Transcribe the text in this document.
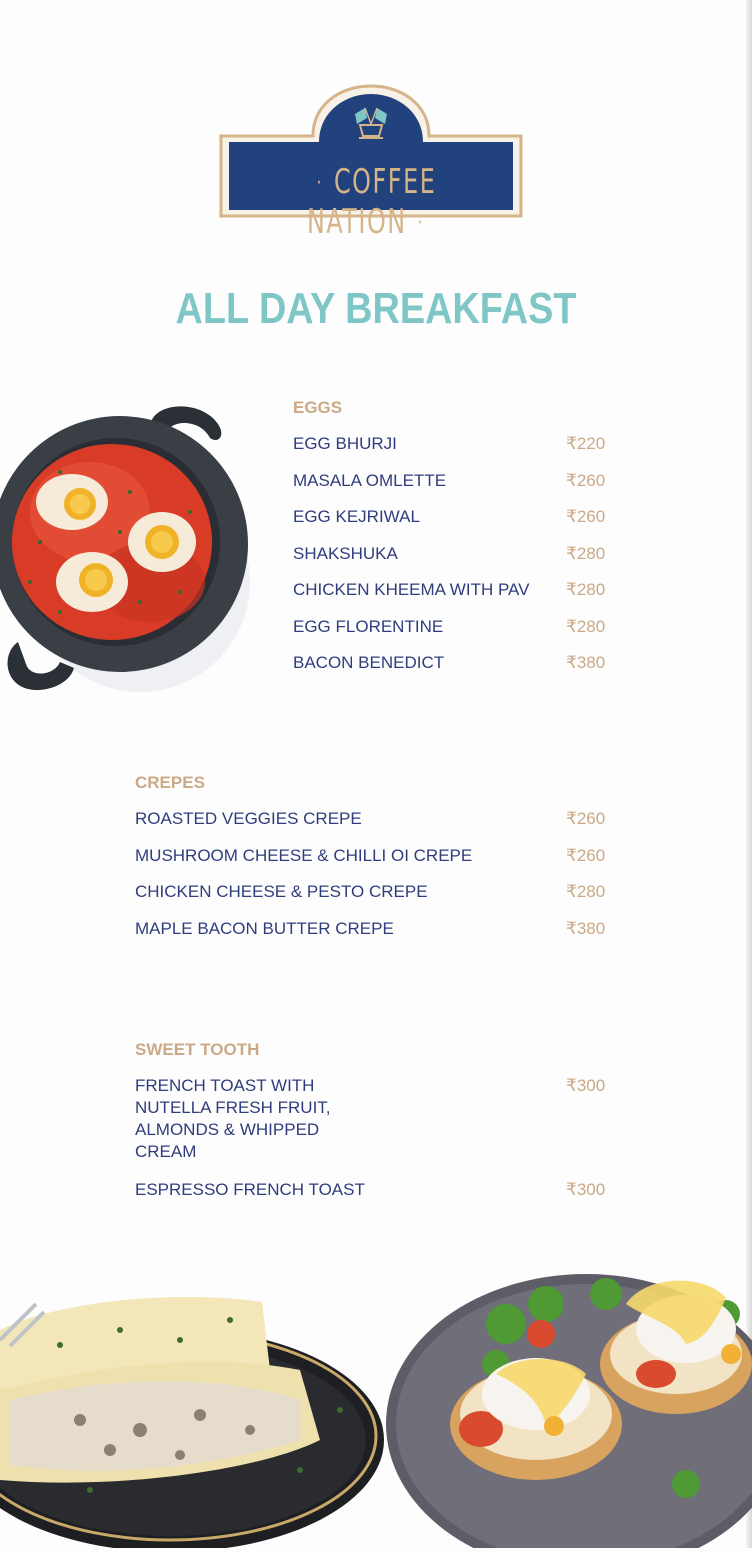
· COFFEE NATION ·
ALL DAY BREAKFAST
EGGS
EGG BHURJI	₹220
MASALA OMLETTE	₹260
EGG KEJRIWAL	₹260
SHAKSHUKA	₹280
CHICKEN KHEEMA WITH PAV ₹280
EGG FLORENTINE	₹280
BACON BENEDICT	₹380
CREPES
ROASTED VEGGIES CREPE	₹260
MUSHROOM CHEESE & CHILLI OI CREPE	₹260
CHICKEN CHEESE & PESTO CREPE	₹280
MAPLE BACON BUTTER CREPE	₹380
SWEET TOOTH
FRENCH TOAST WITH
NUTELLA FRESH FRUIT,
ALMONDS & WHIPPED
CREAM
₹300
ESPRESSO FRENCH TOAST	₹300
